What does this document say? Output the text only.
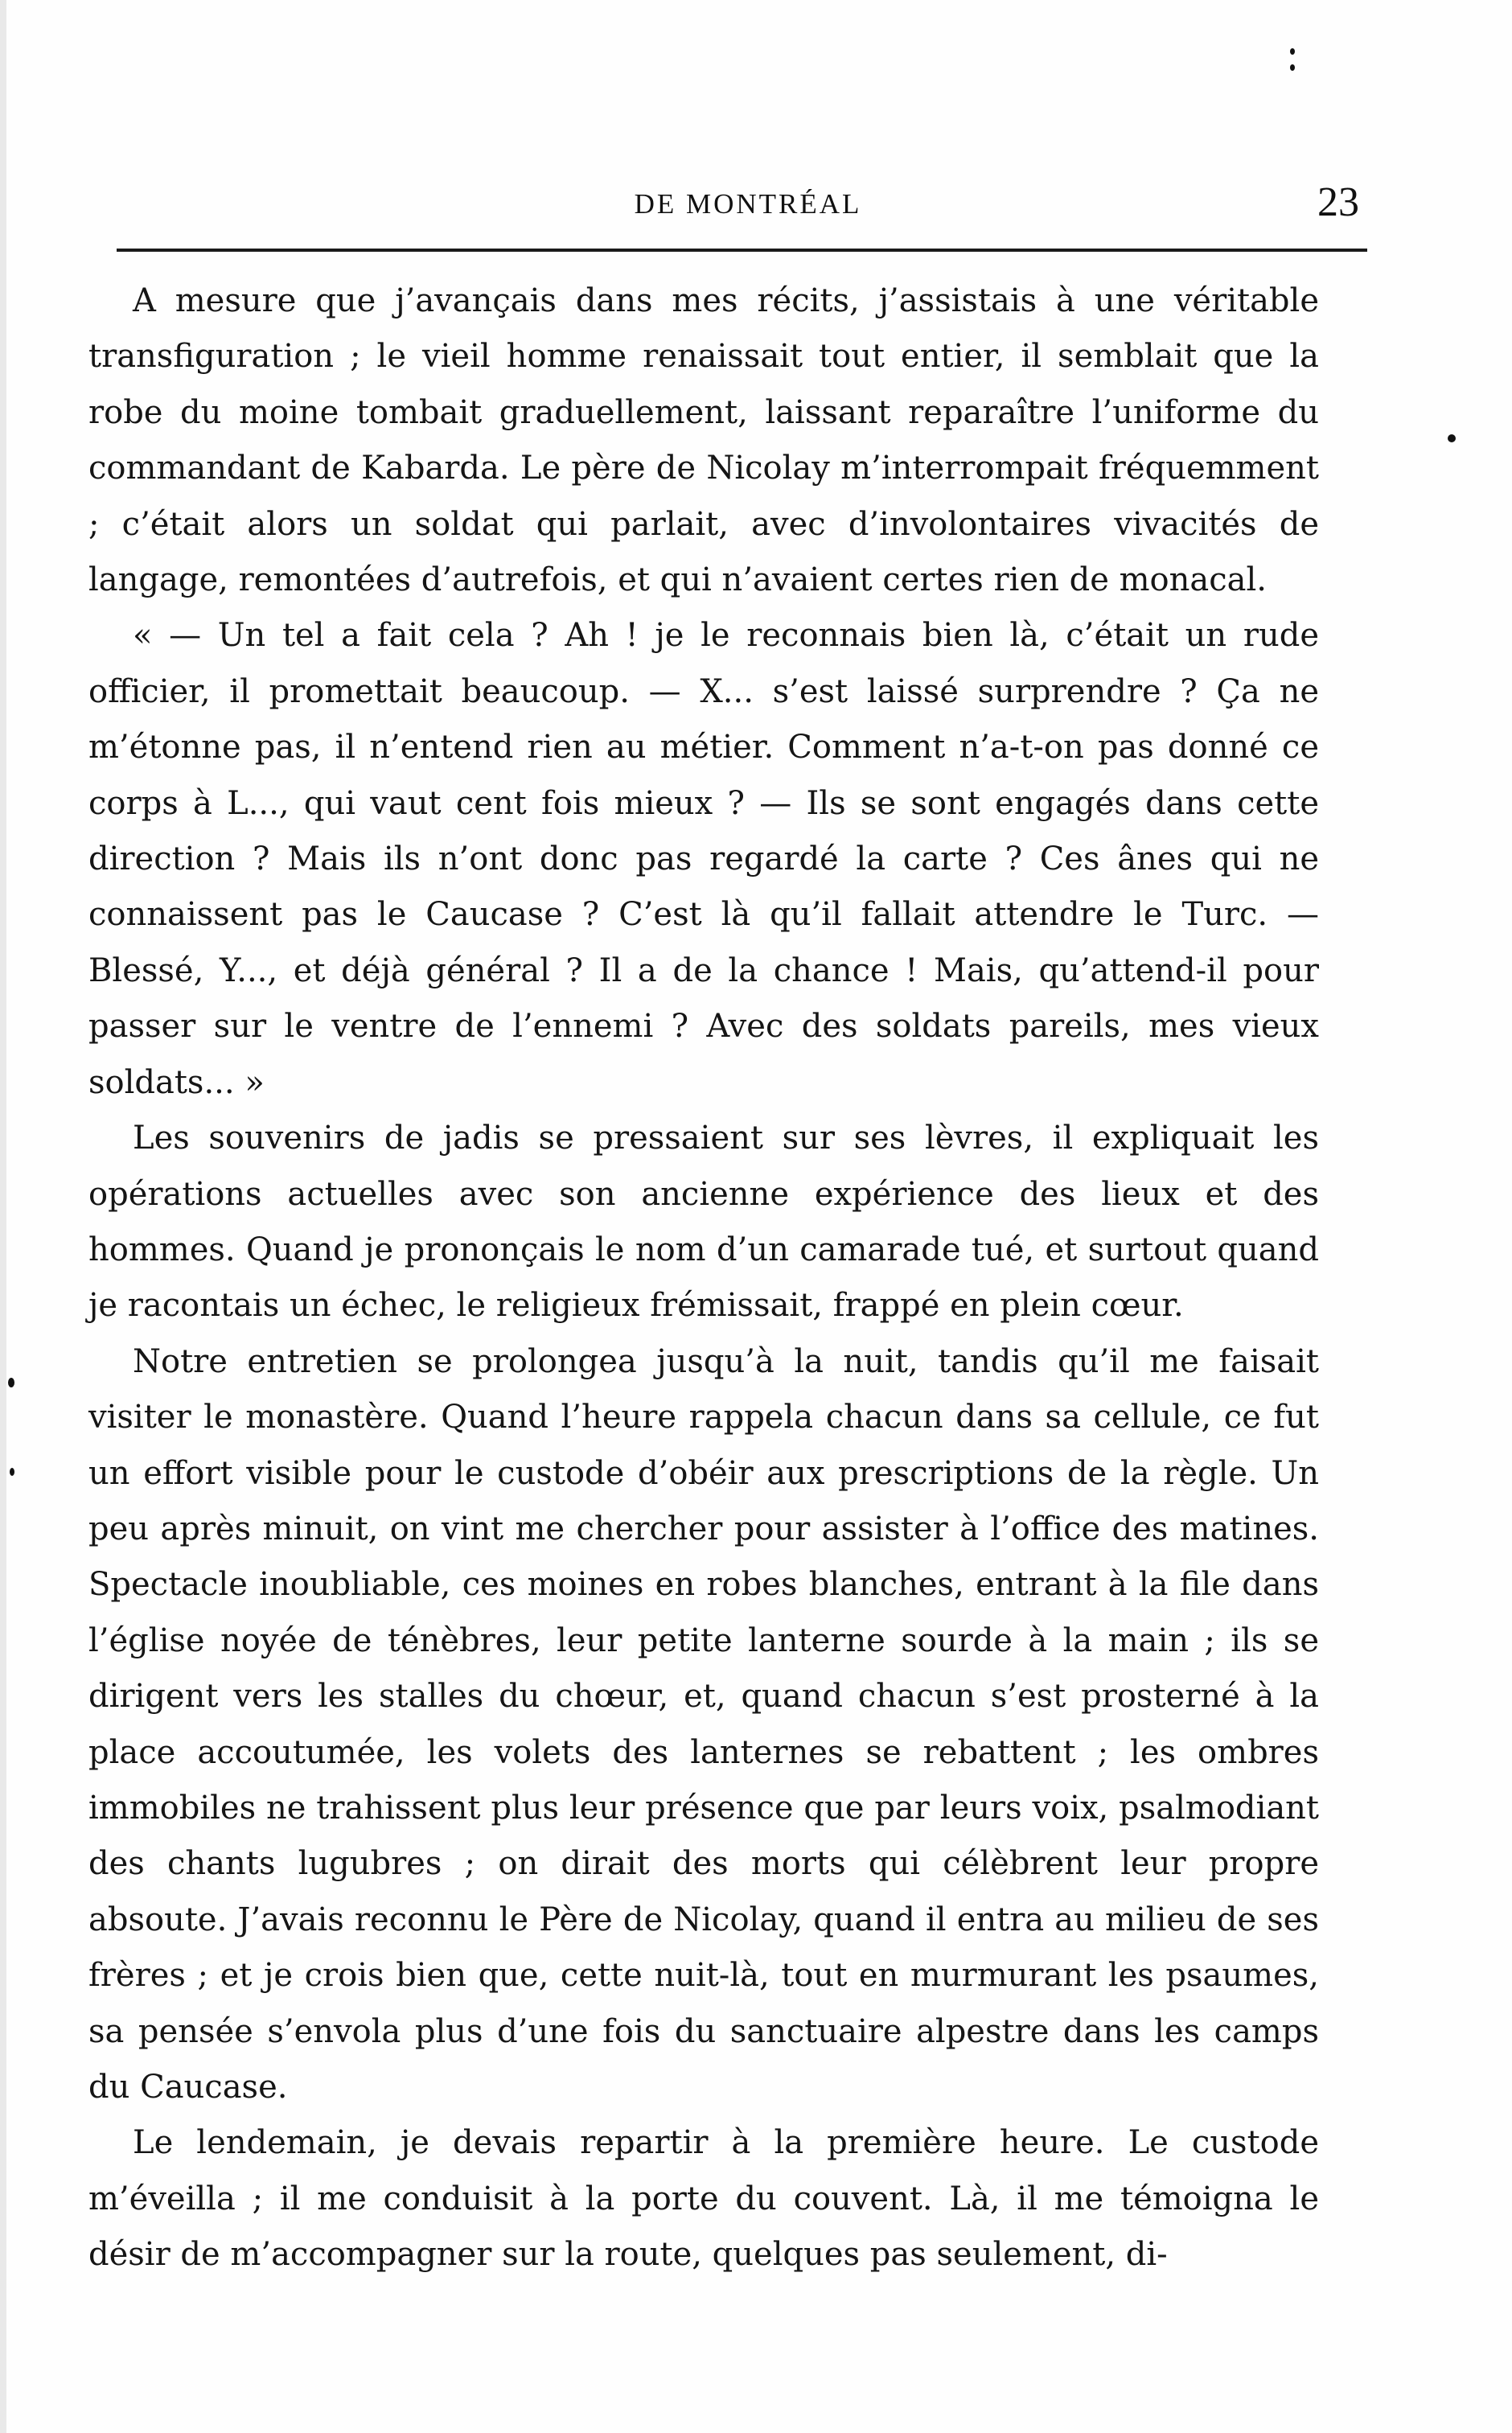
DE MONTRÉAL	23

A mesure que j’avançais dans mes récits, j’assistais à une véritable transfiguration ; le vieil homme renaissait tout entier, il semblait que la robe du moine tombait graduellement, laissant reparaître l’uniforme du commandant de Kabarda. Le père de Nicolay m’interrompait fréquemment ; c’était alors un soldat qui parlait, avec d’involontaires vivacités de langage, remontées d’autrefois, et qui n’avaient certes rien de monacal.

« — Un tel a fait cela ? Ah ! je le reconnais bien là, c’était un rude officier, il promettait beaucoup. — X... s’est laissé surprendre ? Ça ne m’étonne pas, il n’entend rien au métier. Comment n’a-t-on pas donné ce corps à L..., qui vaut cent fois mieux ? — Ils se sont engagés dans cette direction ? Mais ils n’ont donc pas regardé la carte ? Ces ânes qui ne connaissent pas le Caucase ? C’est là qu’il fallait attendre le Turc. — Blessé, Y..., et déjà général ? Il a de la chance ! Mais, qu’attend-il pour passer sur le ventre de l’ennemi ? Avec des soldats pareils, mes vieux soldats... »

Les souvenirs de jadis se pressaient sur ses lèvres, il expliquait les opérations actuelles avec son ancienne expérience des lieux et des hommes. Quand je prononçais le nom d’un camarade tué, et surtout quand je racontais un échec, le religieux frémissait, frappé en plein cœur.

Notre entretien se prolongea jusqu’à la nuit, tandis qu’il me faisait visiter le monastère. Quand l’heure rappela chacun dans sa cellule, ce fut un effort visible pour le custode d’obéir aux prescriptions de la règle. Un peu après minuit, on vint me chercher pour assister à l’office des matines. Spectacle inoubliable, ces moines en robes blanches, entrant à la file dans l’église noyée de ténèbres, leur petite lanterne sourde à la main ; ils se dirigent vers les stalles du chœur, et, quand chacun s’est prosterné à la place accoutumée, les volets des lanternes se rebattent ; les ombres immobiles ne trahissent plus leur présence que par leurs voix, psalmodiant des chants lugubres ; on dirait des morts qui célèbrent leur propre absoute. J’avais reconnu le Père de Nicolay, quand il entra au milieu de ses frères ; et je crois bien que, cette nuit-là, tout en murmurant les psaumes, sa pensée s’envola plus d’une fois du sanctuaire alpestre dans les camps du Caucase.

Le lendemain, je devais repartir à la première heure. Le custode m’éveilla ; il me conduisit à la porte du couvent. Là, il me témoigna le désir de m’accompagner sur la route, quelques pas seulement, di-
